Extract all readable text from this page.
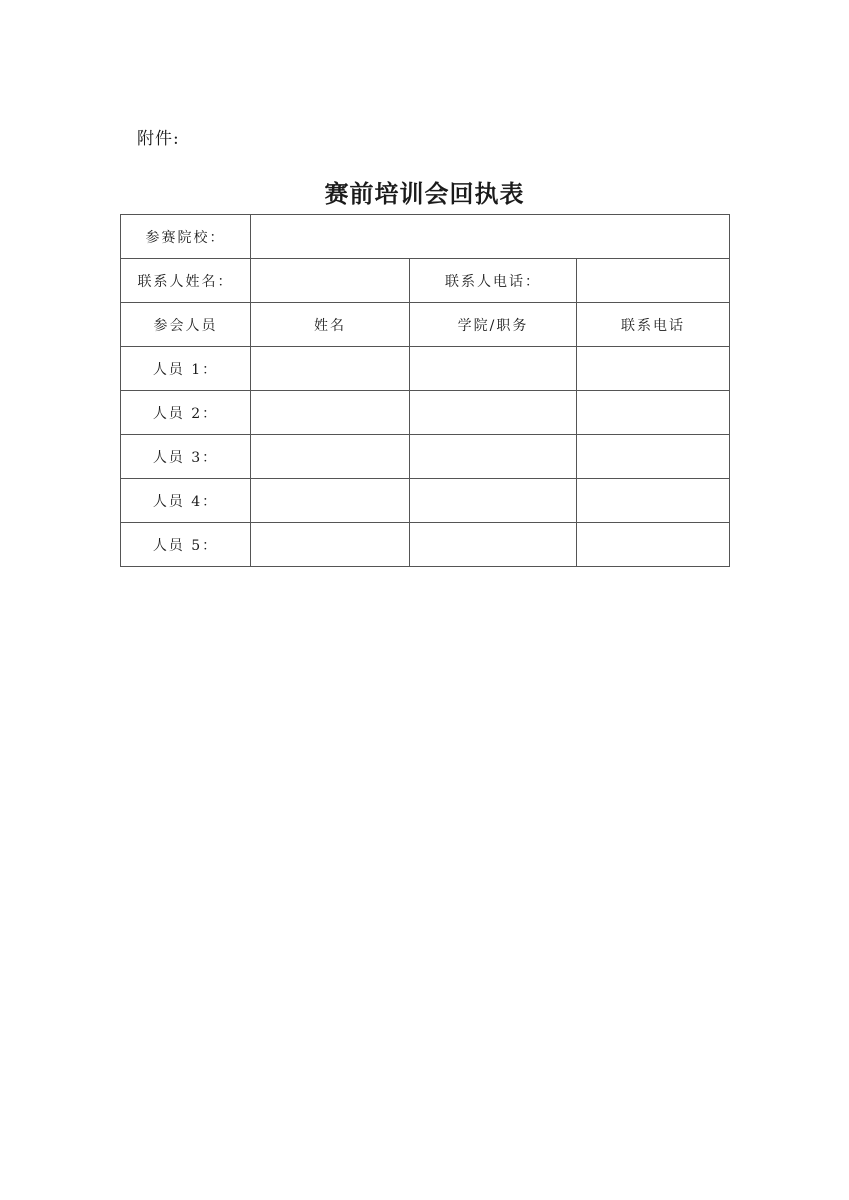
附件:
赛前培训会回执表
参赛院校：			
联系人姓名：		联系人电话：	
参会人员	姓名	学院/职务	联系电话
人员 1：			
人员 2：			
人员 3：			
人员 4：			
人员 5：			
